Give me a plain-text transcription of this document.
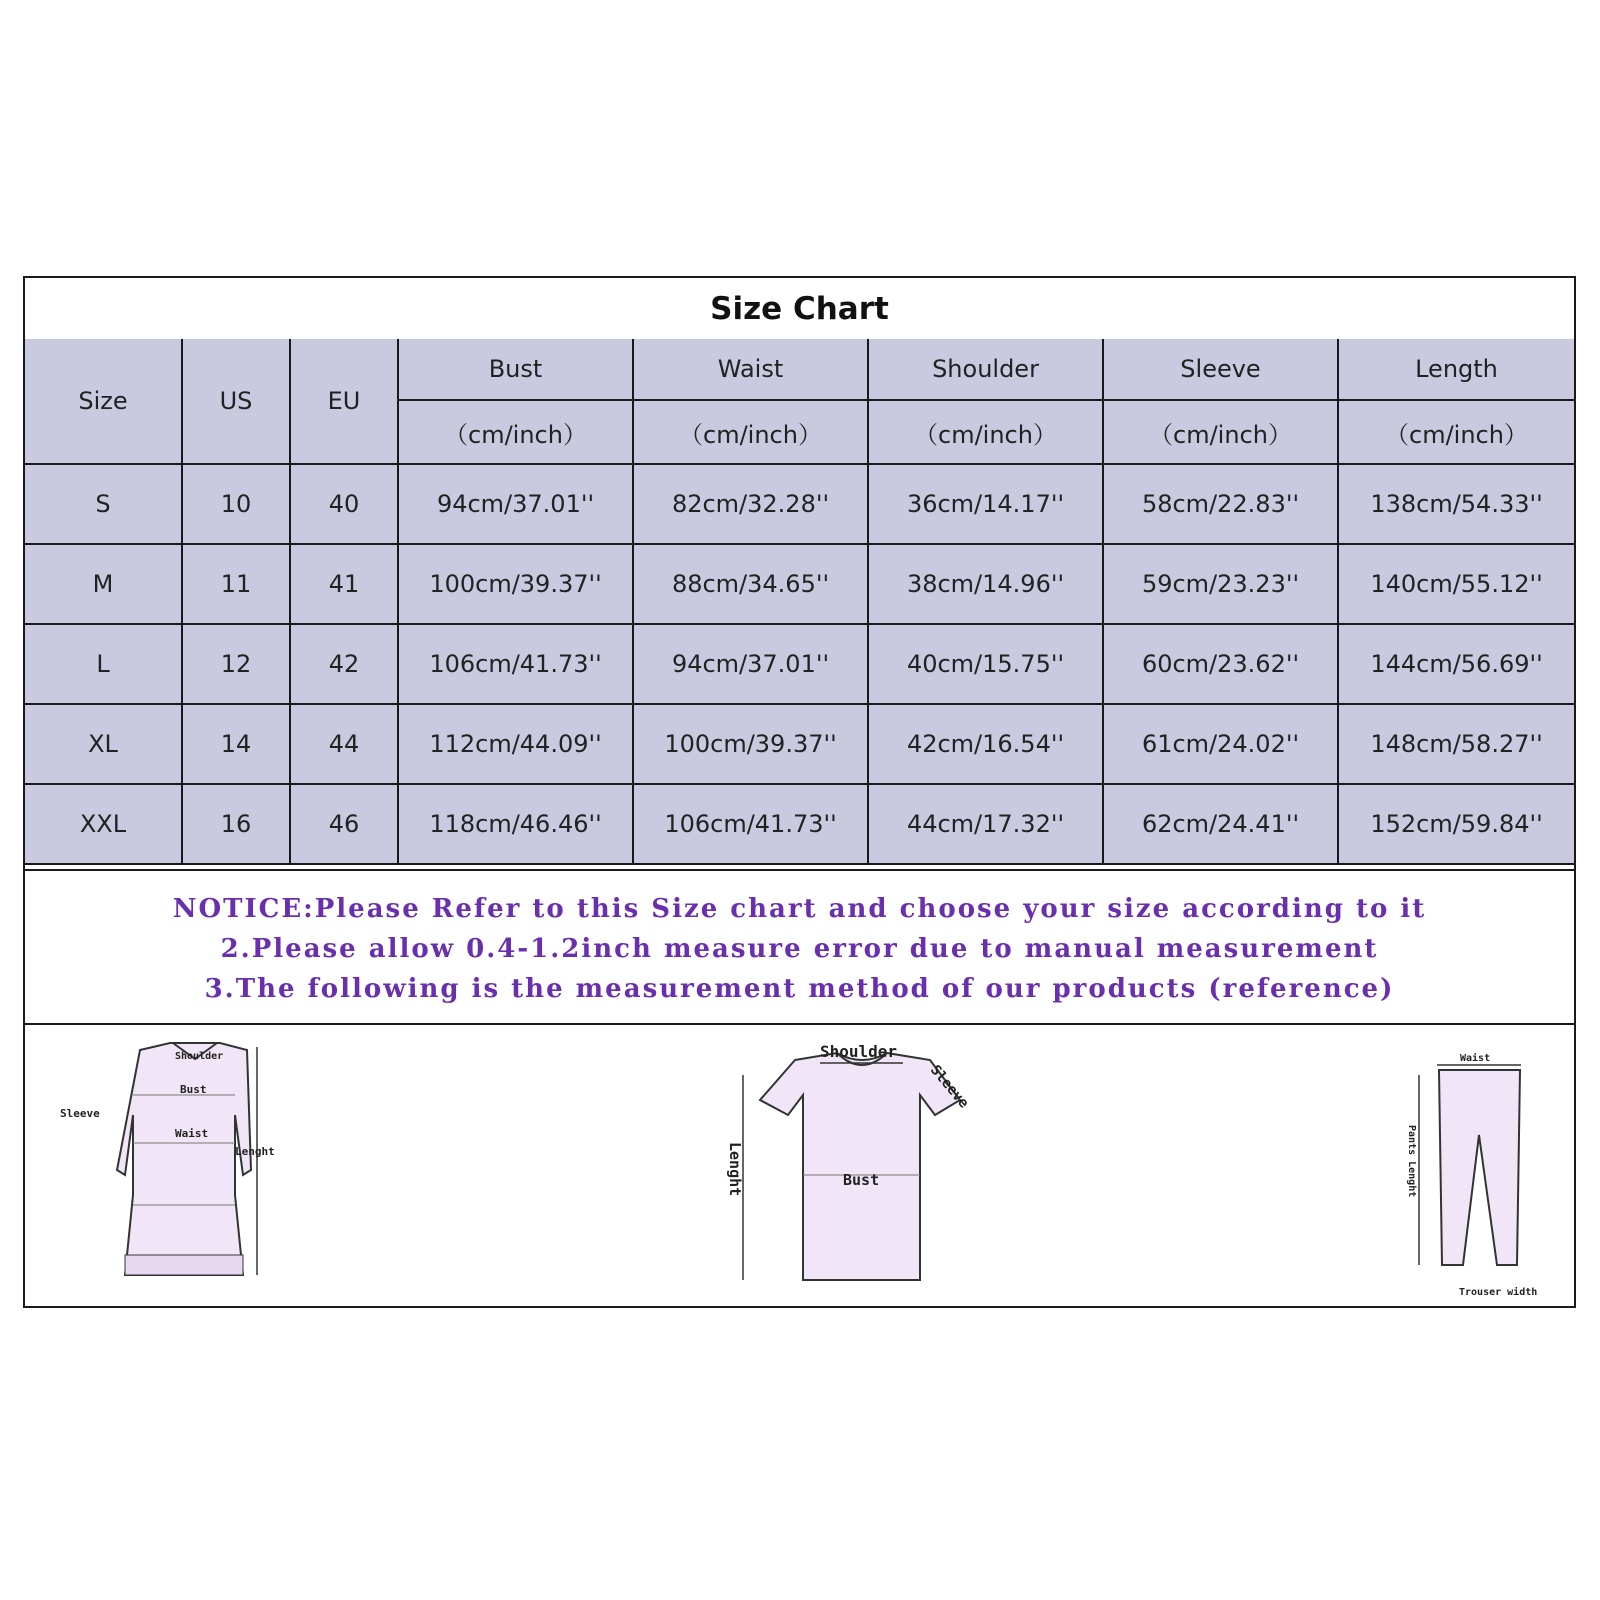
Size Chart
Size	US	EU	Bust	Waist	Shoulder	Sleeve	Length
			（cm/inch）	（cm/inch）	（cm/inch）	（cm/inch）	（cm/inch）
S	10	40	94cm/37.01''	82cm/32.28''	36cm/14.17''	58cm/22.83''	138cm/54.33''
M	11	41	100cm/39.37''	88cm/34.65''	38cm/14.96''	59cm/23.23''	140cm/55.12''
L	12	42	106cm/41.73''	94cm/37.01''	40cm/15.75''	60cm/23.62''	144cm/56.69''
XL	14	44	112cm/44.09''	100cm/39.37''	42cm/16.54''	61cm/24.02''	148cm/58.27''
XXL	16	46	118cm/46.46''	106cm/41.73''	44cm/17.32''	62cm/24.41''	152cm/59.84''
NOTICE:Please Refer to this Size chart and choose your size according to it
2.Please allow 0.4-1.2inch measure error due to manual measurement
3.The following is the measurement method of our products (reference)
Shoulder
Bust
Waist
Sleeve
Lenght
Shoulder
Sleeve
Bust
Lenght
Waist
Pants Lenght
Trouser width
